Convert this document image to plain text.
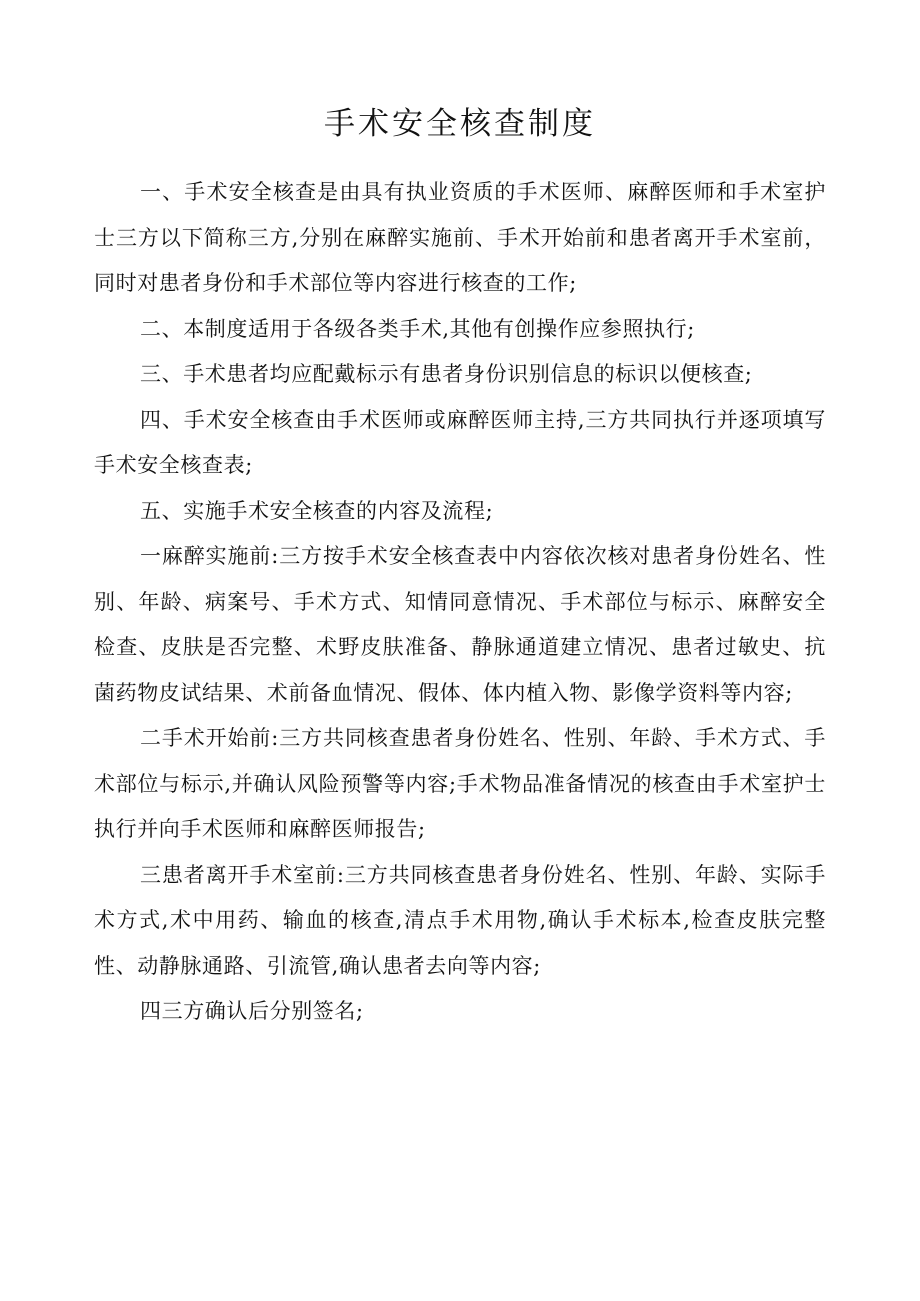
手术安全核查制度

一、手术安全核查是由具有执业资质的手术医师、麻醉医师和手术室护士三方以下简称三方,分别在麻醉实施前、手术开始前和患者离开手术室前，同时对患者身份和手术部位等内容进行核查的工作;

二、本制度适用于各级各类手术,其他有创操作应参照执行;

三、手术患者均应配戴标示有患者身份识别信息的标识以便核查;

四、手术安全核查由手术医师或麻醉医师主持,三方共同执行并逐项填写手术安全核查表;

五、实施手术安全核查的内容及流程;

一麻醉实施前:三方按手术安全核查表中内容依次核对患者身份姓名、性别、年龄、病案号、手术方式、知情同意情况、手术部位与标示、麻醉安全检查、皮肤是否完整、术野皮肤准备、静脉通道建立情况、患者过敏史、抗菌药物皮试结果、术前备血情况、假体、体内植入物、影像学资料等内容;

二手术开始前:三方共同核查患者身份姓名、性别、年龄、手术方式、手术部位与标示,并确认风险预警等内容;手术物品准备情况的核查由手术室护士执行并向手术医师和麻醉医师报告;

三患者离开手术室前:三方共同核查患者身份姓名、性别、年龄、实际手术方式,术中用药、输血的核查,清点手术用物,确认手术标本,检查皮肤完整性、动静脉通路、引流管,确认患者去向等内容;

四三方确认后分别签名;
